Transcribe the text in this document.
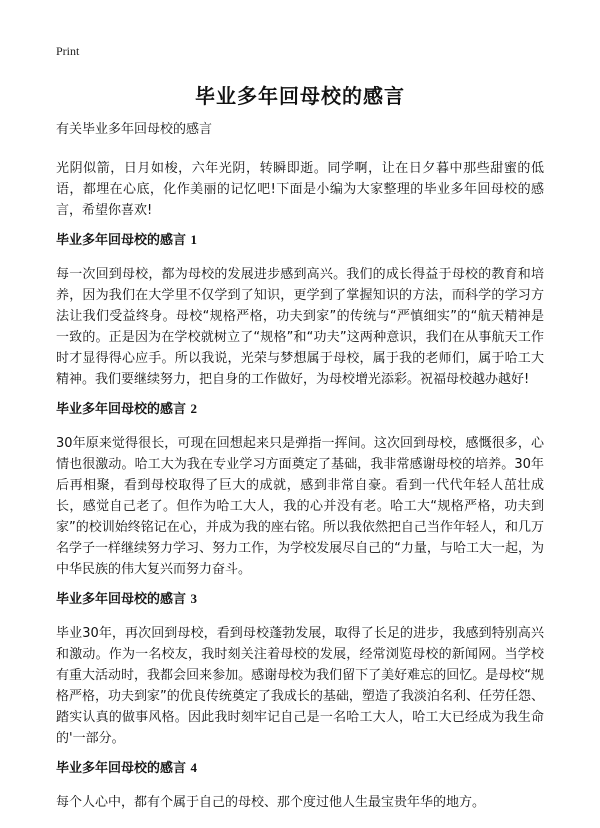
Print
毕业多年回母校的感言

有关毕业多年回母校的感言

光阴似箭，日月如梭，六年光阴，转瞬即逝。同学啊，让在日夕暮中那些甜蜜的低语，都埋在心底，化作美丽的记忆吧!下面是小编为大家整理的毕业多年回母校的感言，希望你喜欢!

毕业多年回母校的感言 1

每一次回到母校，都为母校的发展进步感到高兴。我们的成长得益于母校的教育和培养，因为我们在大学里不仅学到了知识，更学到了掌握知识的方法，而科学的学习方法让我们受益终身。母校“规格严格，功夫到家”的传统与“严慎细实”的“航天精神是一致的。正是因为在学校就树立了“规格”和“功夫”这两种意识，我们在从事航天工作时才显得得心应手。所以我说，光荣与梦想属于母校，属于我的老师们，属于哈工大精神。我们要继续努力，把自身的工作做好，为母校增光添彩。祝福母校越办越好!

毕业多年回母校的感言 2

30年原来觉得很长，可现在回想起来只是弹指一挥间。这次回到母校，感慨很多，心情也很激动。哈工大为我在专业学习方面奠定了基础，我非常感谢母校的培养。30年后再相聚，看到母校取得了巨大的成就，感到非常自豪。看到一代代年轻人茁壮成长，感觉自己老了。但作为哈工大人，我的心并没有老。哈工大“规格严格，功夫到家”的校训始终铭记在心，并成为我的座右铭。所以我依然把自己当作年轻人，和几万名学子一样继续努力学习、努力工作，为学校发展尽自己的“力量，与哈工大一起，为中华民族的伟大复兴而努力奋斗。

毕业多年回母校的感言 3

毕业30年，再次回到母校，看到母校蓬勃发展，取得了长足的进步，我感到特别高兴和激动。作为一名校友，我时刻关注着母校的发展，经常浏览母校的新闻网。当学校有重大活动时，我都会回来参加。感谢母校为我们留下了美好难忘的回忆。是母校“规格严格，功夫到家”的优良传统奠定了我成长的基础，塑造了我淡泊名利、任劳任怨、踏实认真的做事风格。因此我时刻牢记自己是一名哈工大人，哈工大已经成为我生命的'一部分。

毕业多年回母校的感言 4

每个人心中，都有个属于自己的母校、那个度过他人生最宝贵年华的地方。
